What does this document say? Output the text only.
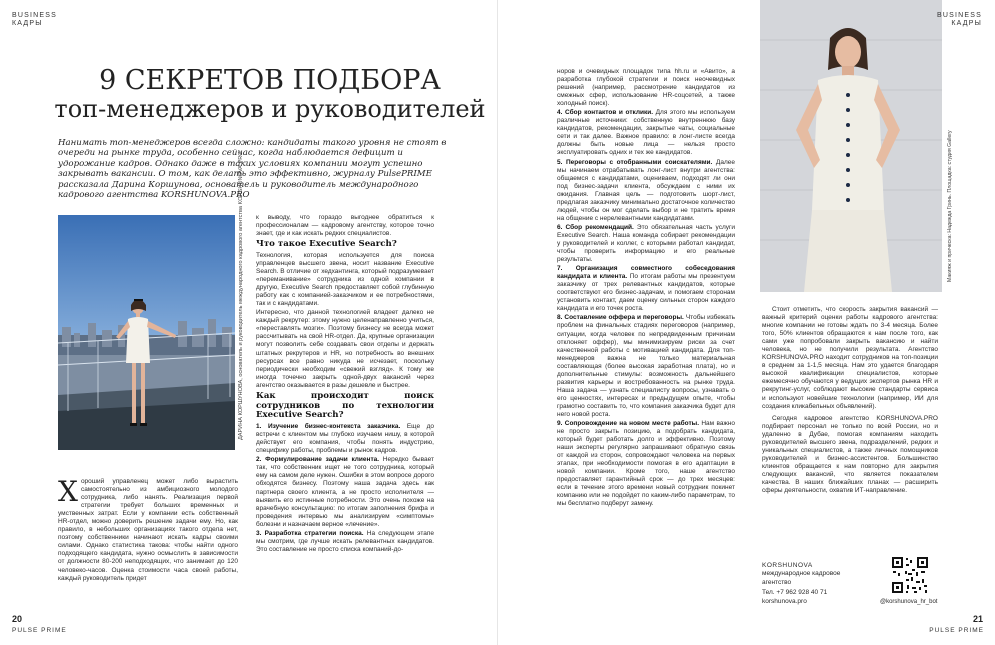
BUSINESS
КАДРЫ
9 СЕКРЕТОВ ПОДБОРА
топ-менеджеров и руководителей
Нанимать топ-менеджеров всегда сложно: кандидаты такого уровня не стоят в очереди на рынке труда, особенно сейчас, когда наблюдается дефицит и удорожание кадров. Однако даже в таких условиях компании могут успешно закрывать вакансии. О том, как делать это эффективно, журналу PulsePRIME рассказала Дарина Коршунова, основатель и руководитель международного кадрового агентства KORSHUNOVA.PRO
ДАРИНА КОРШУНОВА, основатель и руководитель международного кадрового агентства KORSHUNOVA.PRO
Хороший управленец может либо вырастить самостоятельно из амбициозного молодого сотрудника, либо нанять. Реализация первой стратегии требует больших временных и умственных затрат. Если у компании есть собственный HR-отдел, можно доверить решение задачи ему. Но, как правило, в небольших организациях такого отдела нет, поэтому собственники начинают искать кадры своими силами. Однако статистика такова: чтобы найти одного подходящего кандидата, нужно осмыслить в зависимости от должности 80-200 неподходящих, что занимает до 120 человеко-часов. Оценка стоимости часа своей работы, каждый руководитель придет

к выводу, что гораздо выгоднее обратиться к профессионалам — кадровому агентству, которое точно знает, где и как искать редких специалистов.

Что такое Executive Search?

Технология, которая используется для поиска управленцев высшего звена, носит название Executive Search. В отличие от хедхантинга, который подразумевает «переманивание» сотрудника из одной компании в другую, Executive Search предоставляет собой глубинную работу как с компанией-заказчиком и ее потребностями, так и с кандидатами.

Интересно, что данной технологией владеет далеко не каждый рекрутер: этому нужно целенаправленно учиться, «переставлять мозги». Поэтому бизнесу не всегда может рассчитывать на свой HR-отдел. Да, крупные организации могут позволить себе создавать свои отделы и держать штатных рекрутеров и HR, но потребность во внешних ресурсах все равно никуда не исчезает, поскольку периодически необходим «свежий взгляд». К тому же иногда точечно закрыть одной-двух вакансий через агентство оказывается в разы дешевле и быстрее.

Как происходит поиск сотрудников по технологии Executive Search?
1. Изучение бизнес-контекста заказчика. Еще до встречи с клиентом мы глубоко изучаем нишу, в которой действует его компания, чтобы понять индустрию, специфику работы, проблемы и рынок кадров.
2. Формулирование задачи клиента. Нередко бывает так, что собственник ищет не того сотрудника, который ему на самом деле нужен. Ошибки в этом вопросе дорого обходятся бизнесу. Поэтому наша задача здесь как партнера своего клиента, а не просто исполнителя — выявить его истинные потребности. Это очень похоже на врачебную консультацию: по итогам заполнения брифа и проведения интервью мы анализируем «симптомы» болезни и назначаем верное «лечение».
3. Разработка стратегии поиска. На следующем этапе мы смотрим, где лучше искать релевантных кандидатов. Это составление не просто списка компаний-до-
20
PULSE PRIME

норов и очевидных площадок типа hh.ru и «Авито», а разработка глубокой стратегии и поиск неочевидных решений (например, рассмотрение кандидатов из смежных сфер, использование HR-соцсетей, а также холодный поиск).

4. Сбор контактов и отклики. Для этого мы используем различные источники: собственную внутреннюю базу кандидатов, рекомендации, закрытые чаты, социальные сети и так далее. Важное правило: в лонг-листе всегда должны быть новые лица — нельзя просто эксплуатировать одних и тех же кандидатов.
5. Переговоры с отобранными соискателями. Далее мы начинаем отрабатывать лонг-лист внутри агентства: общаемся с кандидатами, оцениваем, подходят ли они под бизнес-задачи клиента, обсуждаем с ними их ожидания. Главная цель — подготовить шорт-лист, предлагая заказчику минимально достаточное количество людей, чтобы он мог сделать выбор и не тратить время на общение с нерелевантными кандидатами.
6. Сбор рекомендаций. Это обязательная часть услуги Executive Search. Наша команда собирает рекомендации у руководителей и коллег, с которыми работал кандидат, чтобы проверить информацию и его реальные результаты.
7. Организация совместного собеседования кандидата и клиента. По итогам работы мы презентуем заказчику от трех релевантных кандидатов, которые соответствуют его бизнес-задачам, и помогаем сторонам установить контакт, даем оценку сильных сторон каждого кандидата и его точек роста.
8. Составление оффера и переговоры. Чтобы избежать проблем на финальных стадиях переговоров (например, ситуации, когда человек по непредвиденным причинам отклоняет оффер), мы минимизируем риски за счет качественной работы с мотивацией кандидата. Для топ-менеджеров важна не только материальная составляющая (более высокая заработная плата), но и дополнительные стимулы: возможность дальнейшего развития карьеры и востребованность на рынке труда. Наша задача — узнать специалисту вопросы, узнавать о его ценностях, интересах и предыдущем опыте, чтобы грамотно составить то, что компания заказчика будет для него новой роста.
9. Сопровождение на новом месте работы. Нам важно не просто закрыть позицию, а подобрать кандидата, который будет работать долго и эффективно. Поэтому наши эксперты регулярно запрашивают обратную связь от каждой из сторон, сопровождают человека на первых этапах, при необходимости помогая в его адаптации в новой компании. Кроме того, наше агентство предоставляет гарантийный срок — до трех месяцев: если в течение этого времени новый сотрудник покинет компанию или не подойдет по каким-либо параметрам, то мы бесплатно подберут замену.
Макияж и прическа: Надежда Гринь. Площадка: студия Gallery
BUSINESS
КАДРЫ

Стоит отметить, что скорость закрытия вакансий — важный критерий оценки работы кадрового агентства: многие компании не готовы ждать по 3-4 месяца. Более того, 50% клиентов обращаются к нам после того, как сами уже попробовали закрыть вакансию и найти человека, но не получили результата. Агентство KORSHUNOVA.PRO находит сотрудников на топ-позиции в среднем за 1-1,5 месяца. Нам это удается благодаря высокой квалификации специалистов, которые ежемесячно обучаются у ведущих экспертов рынка HR и рекрутинг-услуг, соблюдают высокие стандарты сервиса и используют новейшие технологии (например, ИИ для создания кликабельных объявлений).

Сегодня кадровое агентство KORSHUNOVA.PRO подбирает персонал не только по всей России, но и удаленно в Дубае, помогая компаниям находить руководителей высшего звена, подразделений, редких и уникальных специалистов, а также личных помощников руководителей и бизнес-ассистентов. Большинство клиентов обращается к нам повторно для закрытия следующих вакансий, что является показателем качества. В наших ближайших планах — расширить сферы деятельности, охватив ИТ-направление.

KORSHUNOVA
международное кадровое агентство
Тел. +7 962 928 40 71
korshunova.pro	@korshunova_hr_bot
21
PULSE PRIME
